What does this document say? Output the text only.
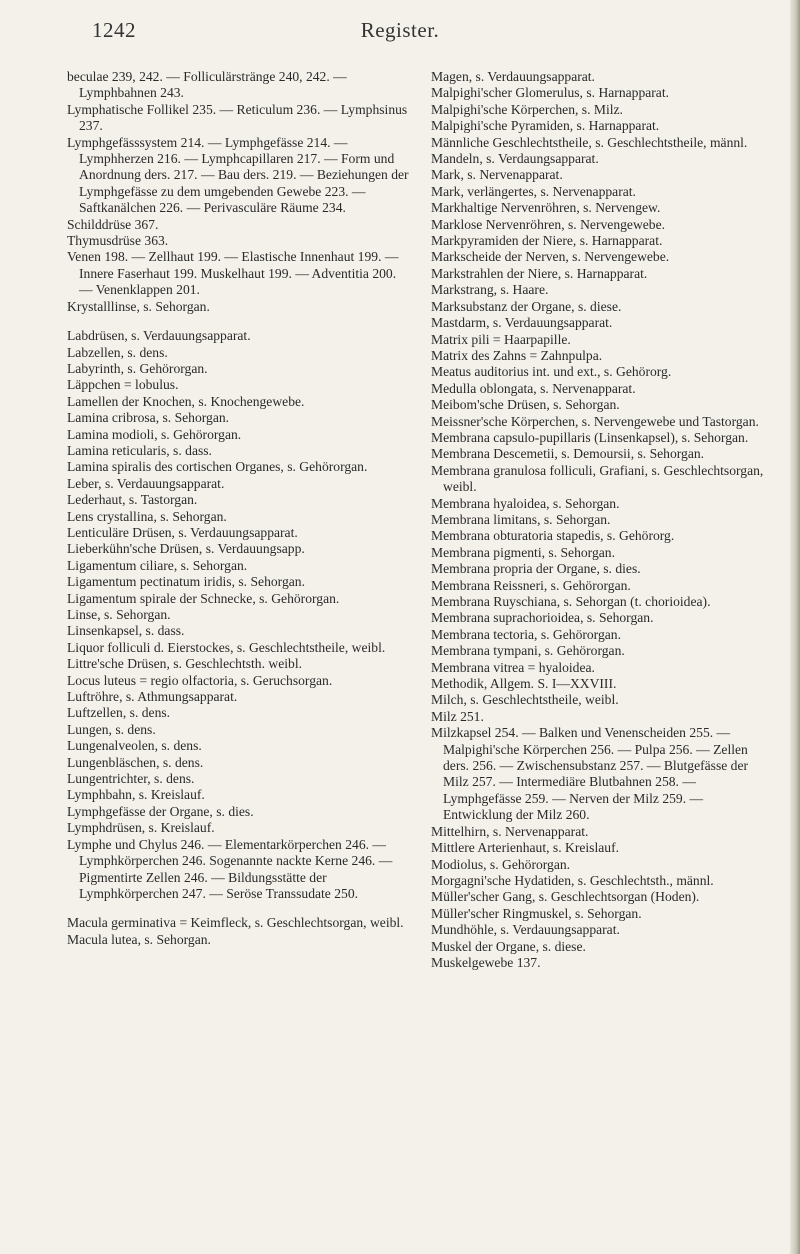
1242	Register.

beculae 239, 242. — Folliculärstränge 240, 242. — Lymphbahnen 243.

Lymphatische Follikel 235. — Reticulum 236. — Lymphsinus 237.

Lymphgefässsystem 214. — Lymphgefässe 214. — Lymphherzen 216. — Lymphcapillaren 217. — Form und Anordnung ders. 217. — Bau ders. 219. — Beziehungen der Lymphgefässe zu dem umgebenden Gewebe 223. — Saftkanälchen 226. — Perivasculäre Räume 234.

Schilddrüse 367.

Thymusdrüse 363.

Venen 198. — Zellhaut 199. — Elastische Innenhaut 199. — Innere Faserhaut 199. Muskelhaut 199. — Adventitia 200. — Venenklappen 201.

Krystalllinse, s. Sehorgan.

Labdrüsen, s. Verdauungsapparat.

Labzellen, s. dens.

Labyrinth, s. Gehörorgan.

Läppchen = lobulus.

Lamellen der Knochen, s. Knochengewebe.

Lamina cribrosa, s. Sehorgan.

Lamina modioli, s. Gehörorgan.

Lamina reticularis, s. dass.

Lamina spiralis des cortischen Organes, s. Gehörorgan.

Leber, s. Verdauungsapparat.

Lederhaut, s. Tastorgan.

Lens crystallina, s. Sehorgan.

Lenticuläre Drüsen, s. Verdauungsapparat.

Lieberkühn'sche Drüsen, s. Verdauungsapp.

Ligamentum ciliare, s. Sehorgan.

Ligamentum pectinatum iridis, s. Sehorgan.

Ligamentum spirale der Schnecke, s. Gehörorgan.

Linse, s. Sehorgan.

Linsenkapsel, s. dass.

Liquor folliculi d. Eierstockes, s. Geschlechtstheile, weibl.

Littre'sche Drüsen, s. Geschlechtsth. weibl.

Locus luteus = regio olfactoria, s. Geruchsorgan.

Luftröhre, s. Athmungsapparat.

Luftzellen, s. dens.

Lungen, s. dens.

Lungenalveolen, s. dens.

Lungenbläschen, s. dens.

Lungentrichter, s. dens.

Lymphbahn, s. Kreislauf.

Lymphgefässe der Organe, s. dies.

Lymphdrüsen, s. Kreislauf.

Lymphe und Chylus 246. — Elementarkörperchen 246. — Lymphkörperchen 246. Sogenannte nackte Kerne 246. — Pigmentirte Zellen 246. — Bildungsstätte der Lymphkörperchen 247. — Seröse Transsudate 250.

Macula germinativa = Keimfleck, s. Geschlechtsorgan, weibl.

Macula lutea, s. Sehorgan.

Magen, s. Verdauungsapparat.

Malpighi'scher Glomerulus, s. Harnapparat.

Malpighi'sche Körperchen, s. Milz.

Malpighi'sche Pyramiden, s. Harnapparat.

Männliche Geschlechtstheile, s. Geschlechtstheile, männl.

Mandeln, s. Verdaungsapparat.

Mark, s. Nervenapparat.

Mark, verlängertes, s. Nervenapparat.

Markhaltige Nervenröhren, s. Nervengew.

Marklose Nervenröhren, s. Nervengewebe.

Markpyramiden der Niere, s. Harnapparat.

Markscheide der Nerven, s. Nervengewebe.

Markstrahlen der Niere, s. Harnapparat.

Markstrang, s. Haare.

Marksubstanz der Organe, s. diese.

Mastdarm, s. Verdauungsapparat.

Matrix pili = Haarpapille.

Matrix des Zahns = Zahnpulpa.

Meatus auditorius int. und ext., s. Gehörorg.

Medulla oblongata, s. Nervenapparat.

Meibom'sche Drüsen, s. Sehorgan.

Meissner'sche Körperchen, s. Nervengewebe und Tastorgan.

Membrana capsulo-pupillaris (Linsenkapsel), s. Sehorgan.

Membrana Descemetii, s. Demoursii, s. Sehorgan.

Membrana granulosa folliculi, Grafiani, s. Geschlechtsorgan, weibl.

Membrana hyaloidea, s. Sehorgan.

Membrana limitans, s. Sehorgan.

Membrana obturatoria stapedis, s. Gehörorg.

Membrana pigmenti, s. Sehorgan.

Membrana propria der Organe, s. dies.

Membrana Reissneri, s. Gehörorgan.

Membrana Ruyschiana, s. Sehorgan (t. chorioidea).

Membrana suprachorioidea, s. Sehorgan.

Membrana tectoria, s. Gehörorgan.

Membrana tympani, s. Gehörorgan.

Membrana vitrea = hyaloidea.

Methodik, Allgem. S. I—XXVIII.

Milch, s. Geschlechtstheile, weibl.

Milz 251.

Milzkapsel 254. — Balken und Venenscheiden 255. — Malpighi'sche Körperchen 256. — Pulpa 256. — Zellen ders. 256. — Zwischensubstanz 257. — Blutgefässe der Milz 257. — Intermediäre Blutbahnen 258. — Lymphgefässe 259. — Nerven der Milz 259. — Entwicklung der Milz 260.

Mittelhirn, s. Nervenapparat.

Mittlere Arterienhaut, s. Kreislauf.

Modiolus, s. Gehörorgan.

Morgagni'sche Hydatiden, s. Geschlechtsth., männl.

Müller'scher Gang, s. Geschlechtsorgan (Hoden).

Müller'scher Ringmuskel, s. Sehorgan.

Mundhöhle, s. Verdauungsapparat.

Muskel der Organe, s. diese.

Muskelgewebe 137.
